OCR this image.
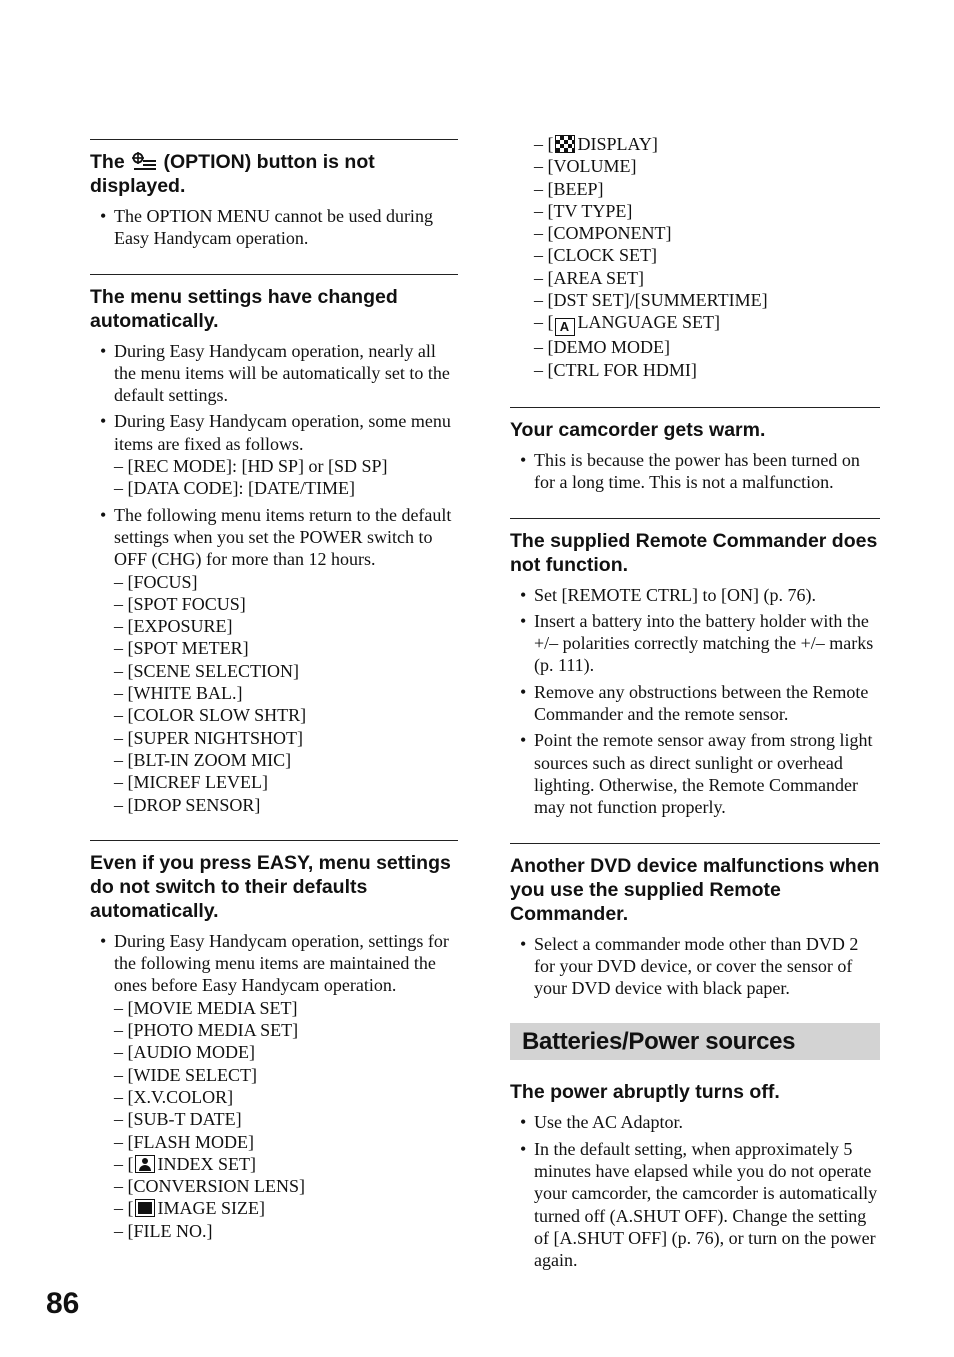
The (OPTION) button is not displayed.
• The OPTION MENU cannot be used during Easy Handycam operation.
The menu settings have changed automatically.
• During Easy Handycam operation, nearly all the menu items will be automatically set to the default settings.
• During Easy Handycam operation, some menu items are fixed as follows.
– [REC MODE]: [HD SP] or [SD SP]
– [DATA CODE]: [DATE/TIME]
• The following menu items return to the default settings when you set the POWER switch to OFF (CHG) for more than 12 hours.
– [FOCUS]
– [SPOT FOCUS]
– [EXPOSURE]
– [SPOT METER]
– [SCENE SELECTION]
– [WHITE BAL.]
– [COLOR SLOW SHTR]
– [SUPER NIGHTSHOT]
– [BLT-IN ZOOM MIC]
– [MICREF LEVEL]
– [DROP SENSOR]
Even if you press EASY, menu settings do not switch to their defaults automatically.
• During Easy Handycam operation, settings for the following menu items are maintained the ones before Easy Handycam operation.
– [MOVIE MEDIA SET]
– [PHOTO MEDIA SET]
– [AUDIO MODE]
– [WIDE SELECT]
– [X.V.COLOR]
– [SUB-T DATE]
– [FLASH MODE]
– [ INDEX SET]
– [CONVERSION LENS]
– [ IMAGE SIZE]
– [FILE NO.]
– [ DISPLAY]
– [VOLUME]
– [BEEP]
– [TV TYPE]
– [COMPONENT]
– [CLOCK SET]
– [AREA SET]
– [DST SET]/[SUMMERTIME]
– [ A LANGUAGE SET]
– [DEMO MODE]
– [CTRL FOR HDMI]
Your camcorder gets warm.
• This is because the power has been turned on for a long time. This is not a malfunction.
The supplied Remote Commander does not function.
• Set [REMOTE CTRL] to [ON] (p. 76).
• Insert a battery into the battery holder with the +/– polarities correctly matching the +/– marks (p. 111).
• Remove any obstructions between the Remote Commander and the remote sensor.
• Point the remote sensor away from strong light sources such as direct sunlight or overhead lighting. Otherwise, the Remote Commander may not function properly.
Another DVD device malfunctions when you use the supplied Remote Commander.
• Select a commander mode other than DVD 2 for your DVD device, or cover the sensor of your DVD device with black paper.
Batteries/Power sources
The power abruptly turns off.
• Use the AC Adaptor.
• In the default setting, when approximately 5 minutes have elapsed while you do not operate your camcorder, the camcorder is automatically turned off (A.SHUT OFF). Change the setting of [A.SHUT OFF] (p. 76), or turn on the power again.
86
